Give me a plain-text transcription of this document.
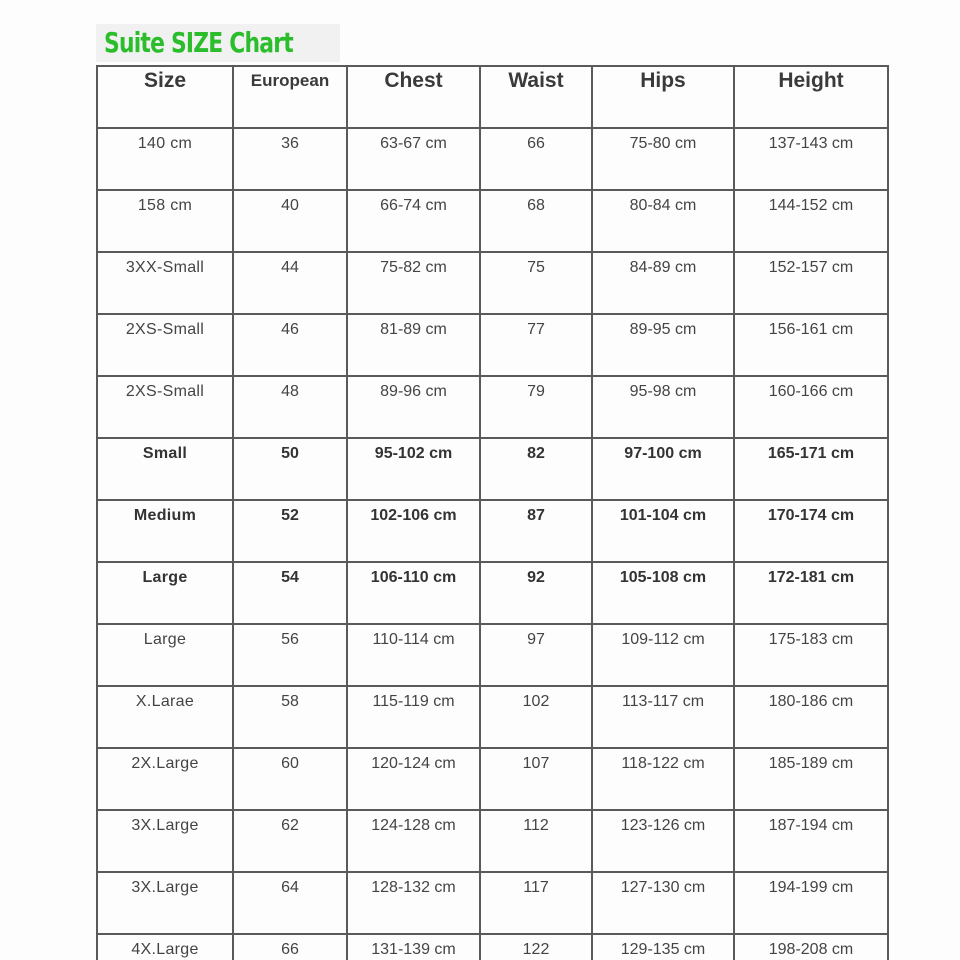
Suite SIZE Chart
Size	European	Chest	Waist	Hips	Height
140 cm	36	63-67 cm	66	75-80 cm	137-143 cm
158 cm	40	66-74 cm	68	80-84 cm	144-152 cm
3XX-Small	44	75-82 cm	75	84-89 cm	152-157 cm
2XS-Small	46	81-89 cm	77	89-95 cm	156-161 cm
2XS-Small	48	89-96 cm	79	95-98 cm	160-166 cm
Small	50	95-102 cm	82	97-100 cm	165-171 cm
Medium	52	102-106 cm	87	101-104 cm	170-174 cm
Large	54	106-110 cm	92	105-108 cm	172-181 cm
Large	56	110-114 cm	97	109-112 cm	175-183 cm
X.Larae	58	115-119 cm	102	113-117 cm	180-186 cm
2X.Large	60	120-124 cm	107	118-122 cm	185-189 cm
3X.Large	62	124-128 cm	112	123-126 cm	187-194 cm
3X.Large	64	128-132 cm	117	127-130 cm	194-199 cm
4X.Large	66	131-139 cm	122	129-135 cm	198-208 cm
